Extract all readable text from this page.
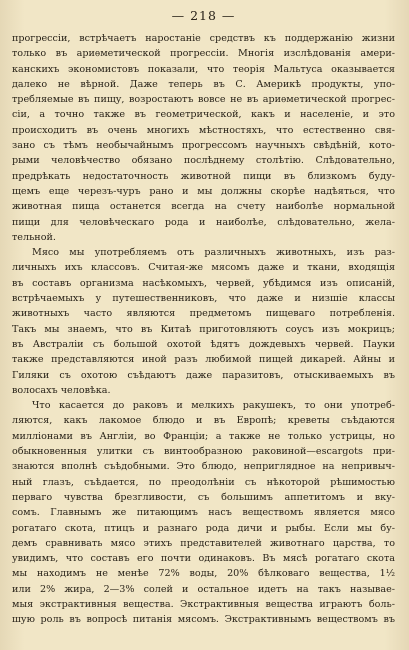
— 218 —
прогрессіи, встрѣчаетъ наростаніе средствъ къ поддержанію жизни
только въ ариѳметической прогрессіи. Многія изслѣдованія амери-
канскихъ экономистовъ показали, что теорія Мальтуса оказывается
далеко не вѣрной. Даже теперь въ С. Америкѣ продукты, упо-
требляемые въ пищу, возростаютъ вовсе не въ ариѳметической прогрес-
сіи, а точно также въ геометрической, какъ и населеніе, и это
происходитъ въ очень многихъ мѣстностяхъ, что естественно свя-
зано съ тѣмъ необычайнымъ прогрессомъ научныхъ свѣдѣній, кото-
рыми человѣчество обязано послѣднему столѣтію. Слѣдовательно,
предрѣкать недостаточность животной пищи въ близкомъ буду-
щемъ еще черезъ-чуръ рано и мы должны скорѣе надѣяться, что
животная пища останется всегда на счету наиболѣе нормальной
пищи для человѣческаго рода и наиболѣе, слѣдовательно, жела-
тельной.
Мясо мы употребляемъ отъ различныхъ животныхъ, изъ раз-
личныхъ ихъ классовъ. Считая-же мясомъ даже и ткани, входящія
въ составъ организма насѣкомыхъ, червей, убѣдимся изъ описаній,
встрѣчаемыхъ у путешественниковъ, что даже и низшіе классы
животныхъ часто являются предметомъ пищеваго потребленія.
Такъ мы знаемъ, что въ Китаѣ приготовляютъ соусъ изъ мокрицъ;
въ Австраліи съ большой охотой ѣдятъ дождевыхъ червей. Пауки
также представляются иной разъ любимой пищей дикарей. Айны и
Гиляки съ охотою съѣдаютъ даже паразитовъ, отыскиваемыхъ въ
волосахъ человѣка.
Что касается до раковъ и мелкихъ ракушекъ, то они употреб-
ляются, какъ лакомое блюдо и въ Европѣ; креветы съѣдаются
милліонами въ Англіи, во Франціи; а также не только устрицы, но
обыкновенныя улитки съ винтообразною раковиной—escargots при-
знаются вполнѣ съѣдобными. Это блюдо, неприглядное на непривыч-
ный глазъ, съѣдается, по преодолѣніи съ нѣкоторой рѣшимостью
перваго чувства брезгливости, съ большимъ аппетитомъ и вку-
сомъ. Главнымъ же питающимъ насъ веществомъ является мясо
рогатаго скота, птицъ и разнаго рода дичи и рыбы. Если мы бу-
демъ сравнивать мясо этихъ представителей животнаго царства, то
увидимъ, что составъ его почти одинаковъ. Въ мясѣ рогатаго скота
мы находимъ не менѣе 72% воды, 20% бѣлковаго вещества, 1½
или 2% жира, 2—3% солей и остальное идетъ на такъ называе-
мыя экстрактивныя вещества. Экстрактивныя вещества играютъ боль-
шую роль въ вопросѣ питанія мясомъ. Экстрактивнымъ веществомъ въ
